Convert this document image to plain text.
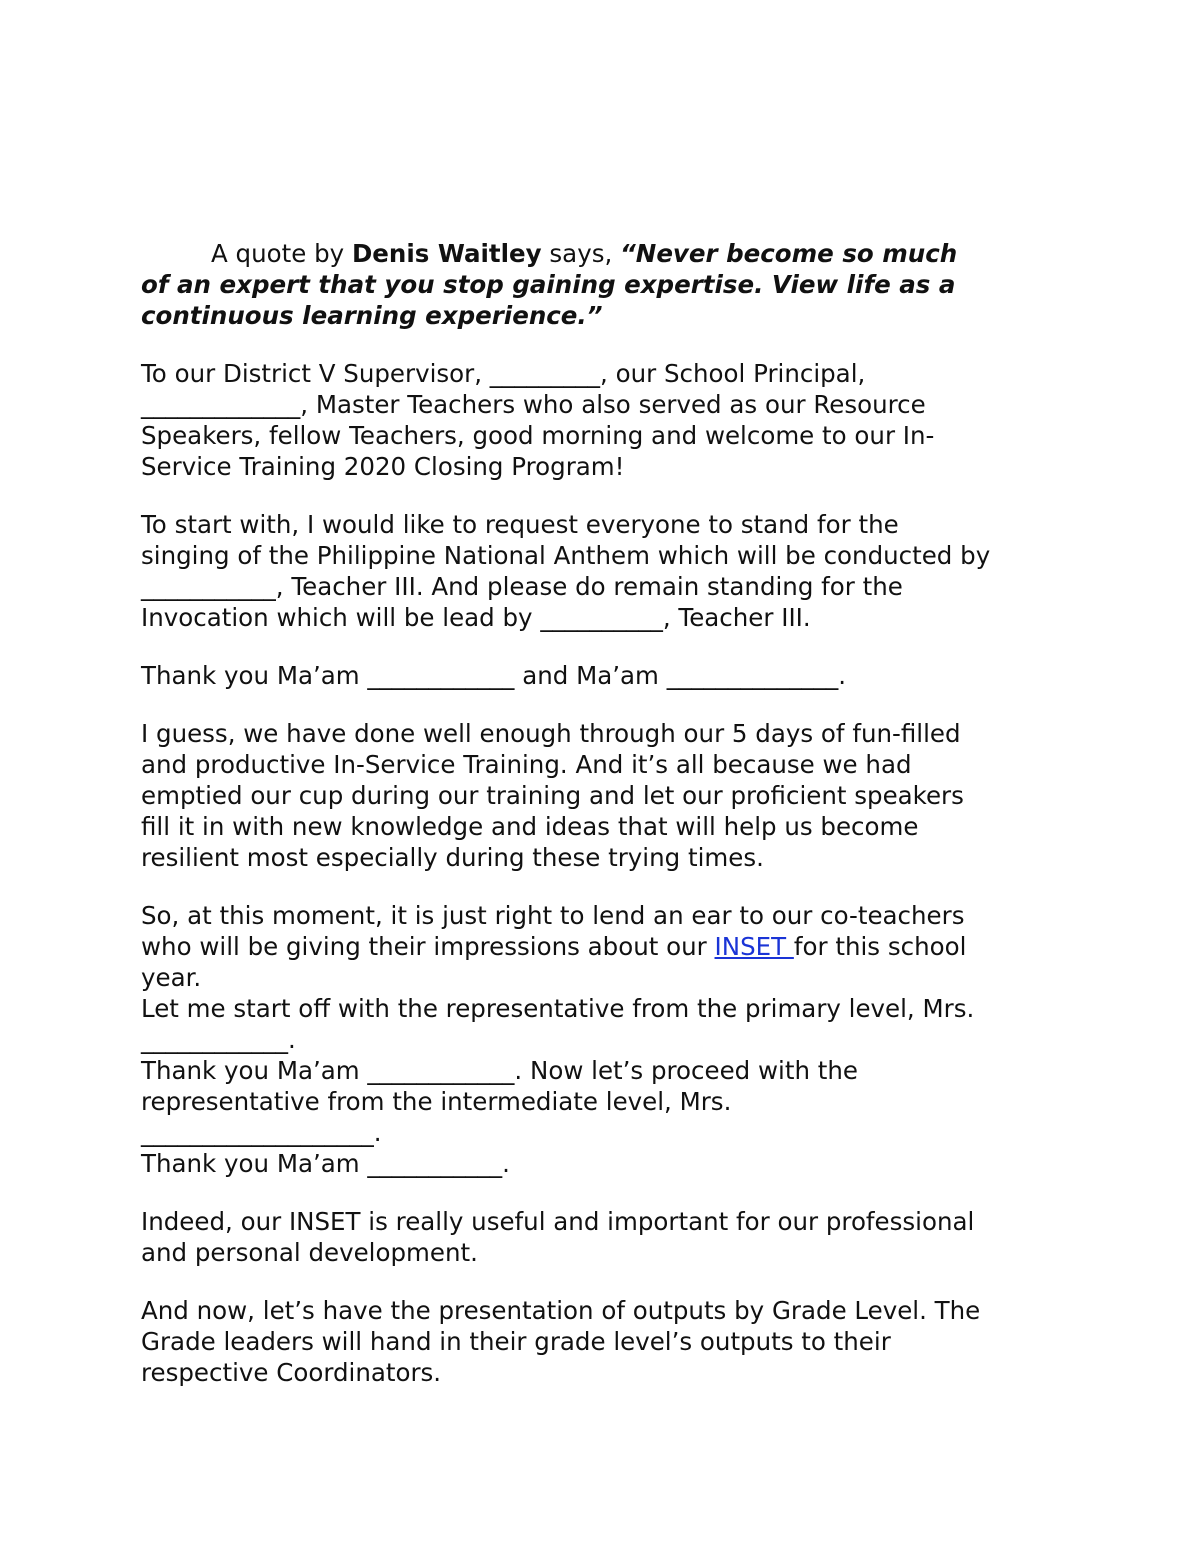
A quote by Denis Waitley says, “Never become so much
of an expert that you stop gaining expertise. View life as a
continuous learning experience.”
To our District V Supervisor, _________, our School Principal,
_____________, Master Teachers who also served as our Resource
Speakers, fellow Teachers, good morning and welcome to our In-
Service Training 2020 Closing Program!
To start with, I would like to request everyone to stand for the
singing of the Philippine National Anthem which will be conducted by
___________, Teacher III. And please do remain standing for the
Invocation which will be lead by __________, Teacher III.
Thank you Ma’am ____________ and Ma’am ______________.
I guess, we have done well enough through our 5 days of fun-filled
and productive In-Service Training. And it’s all because we had
emptied our cup during our training and let our proficient speakers
fill it in with new knowledge and ideas that will help us become
resilient most especially during these trying times.
So, at this moment, it is just right to lend an ear to our co-teachers
who will be giving their impressions about our INSET for this school
year.
Let me start off with the representative from the primary level, Mrs.
____________.
Thank you Ma’am ____________. Now let’s proceed with the
representative from the intermediate level, Mrs.
___________________.
Thank you Ma’am ___________.
Indeed, our INSET is really useful and important for our professional
and personal development.
And now, let’s have the presentation of outputs by Grade Level. The
Grade leaders will hand in their grade level’s outputs to their
respective Coordinators.
